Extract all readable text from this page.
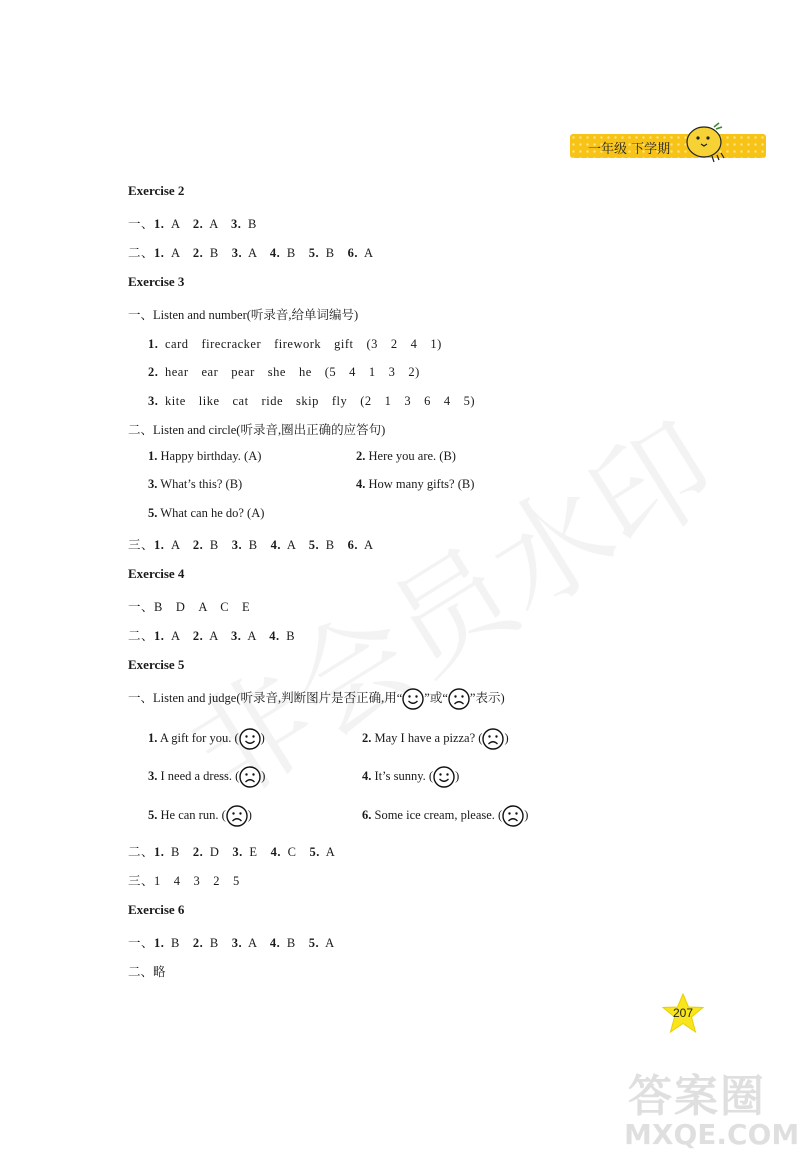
一年级 下学期
Exercise 2
一、1. A　 2. A　 3. B
二、1. A　 2. B　 3. A　 4. B　 5. B　 6. A
Exercise 3
一、Listen and number(听录音,给单词编号)
1. card　firecracker　firework　gift　(3　2　4　1)
2. hear　ear　pear　she　he　(5　4　1　3　2)
3. kite　like　cat　ride　skip　fly　(2　1　3　6　4　5)
二、Listen and circle(听录音,圈出正确的应答句)
1. Happy birthday. (A)	2. Here you are. (B)
3. What’s this? (B)	4. How many gifts? (B)
5. What can he do? (A)
三、1. A　 2. B　 3. B　 4. A　 5. B　 6. A
Exercise 4
一、B　D　A　C　E
二、1. A　 2. A　 3. A　 4. B
Exercise 5
一、Listen and judge(听录音,判断图片是否正确,用“ ”或“ ”表示)
1. A gift for you. ( )	2. May I have a pizza? ( )
3. I need a dress. ( )	4. It’s sunny. ( )
5. He can run. ( )	6. Some ice cream, please. ( )
二、1. B　 2. D　 3. E　 4. C　 5. A
三、1　4　3　2　5
Exercise 6
一、1. B　 2. B　 3. A　 4. B　 5. A
二、略
207
答案圈
MXQE.COM
